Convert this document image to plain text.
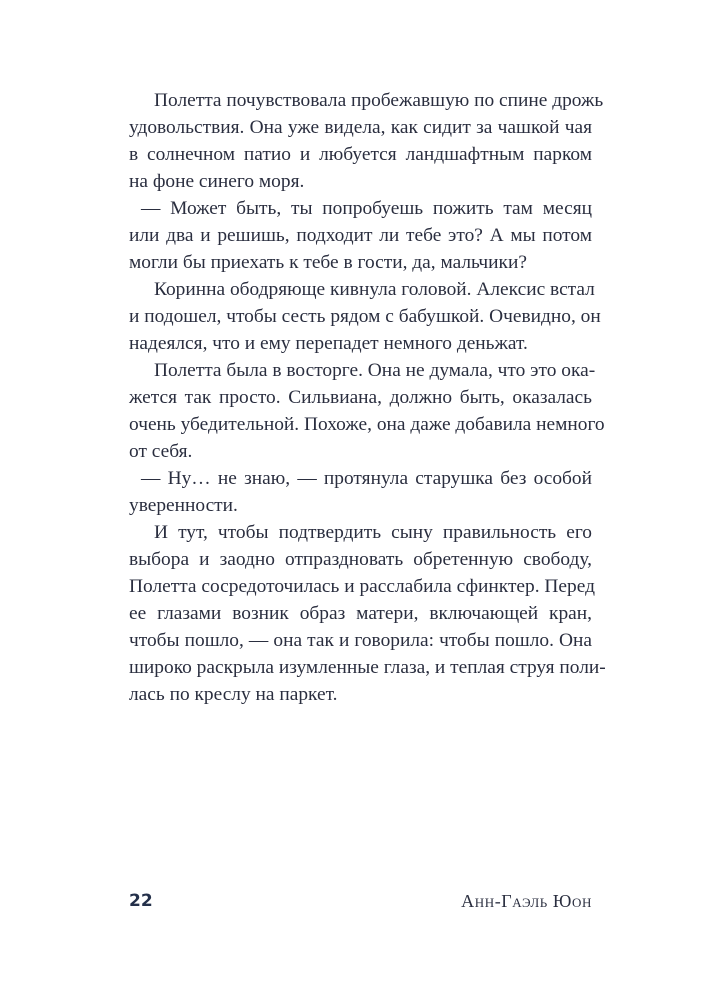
Полетта почувствовала пробежавшую по спине дрожь
удовольствия. Она уже видела, как сидит за чашкой чая
в солнечном патио и любуется ландшафтным парком
на фоне синего моря.
— Может быть, ты попробуешь пожить там месяц
или два и решишь, подходит ли тебе это? А мы потом
могли бы приехать к тебе в гости, да, мальчики?
Коринна ободряюще кивнула головой. Алексис встал
и подошел, чтобы сесть рядом с бабушкой. Очевидно, он
надеялся, что и ему перепадет немного деньжат.
Полетта была в восторге. Она не думала, что это ока-
жется так просто. Сильвиана, должно быть, оказалась
очень убедительной. Похоже, она даже добавила немного
от себя.
— Ну… не знаю, — протянула старушка без особой
уверенности.
И тут, чтобы подтвердить сыну правильность его
выбора и заодно отпраздновать обретенную свободу,
Полетта сосредоточилась и расслабила сфинктер. Перед
ее глазами возник образ матери, включающей кран,
чтобы пошло, — она так и говорила: чтобы пошло. Она
широко раскрыла изумленные глаза, и теплая струя поли-
лась по креслу на паркет.
22	Анн-Гаэль Юон
